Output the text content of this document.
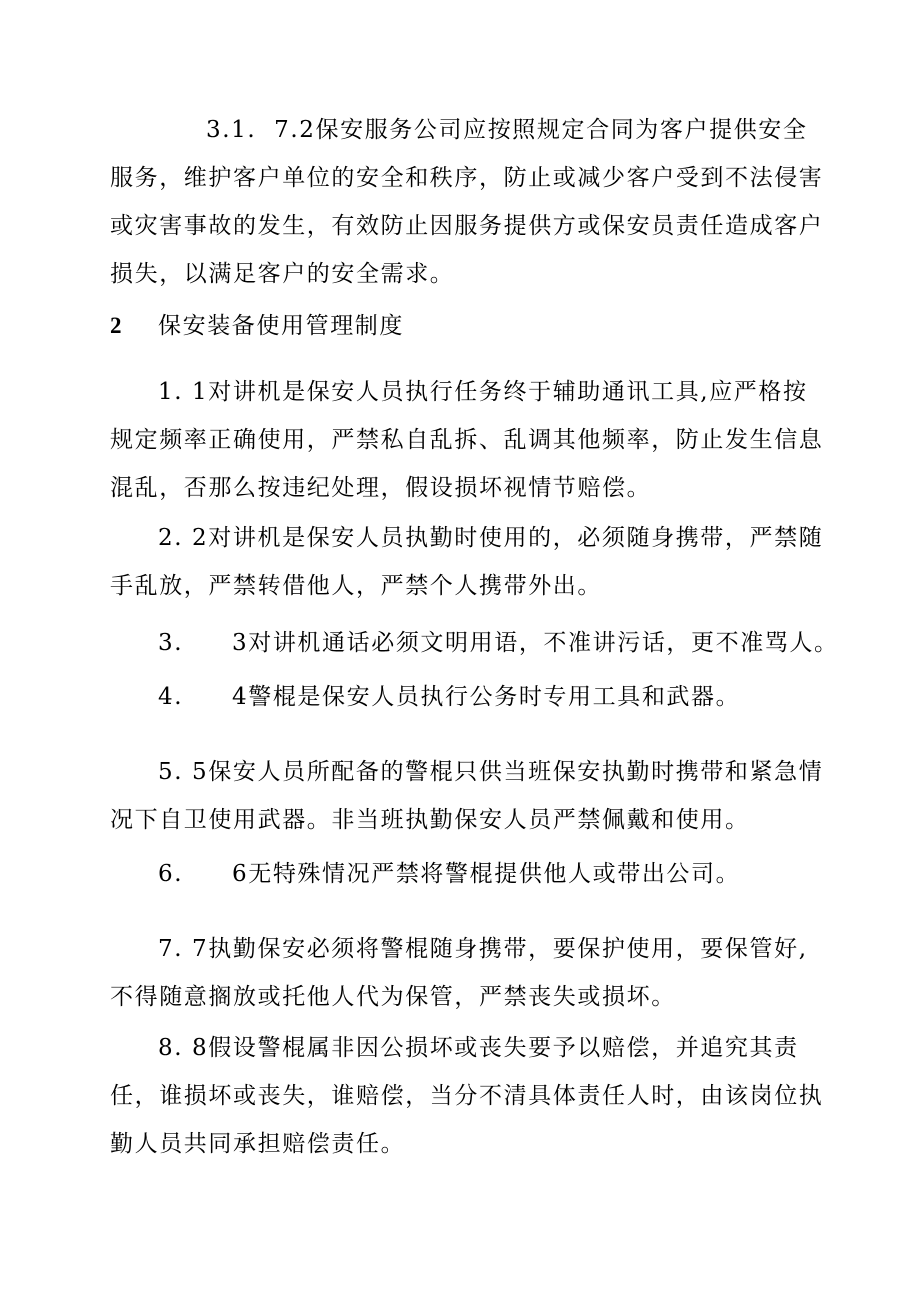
3.1.  7.2保安服务公司应按照规定合同为客户提供安全服务，维护客户单位的安全和秩序，防止或减少客户受到不法侵害或灾害事故的发生，有效防止因服务提供方或保安员责任造成客户损失，以满足客户的安全需求。

2 保安装备使用管理制度

1. 1对讲机是保安人员执行任务终于辅助通讯工具,应严格按规定频率正确使用，严禁私自乱拆、乱调其他频率，防止发生信息混乱，否那么按违纪处理，假设损坏视情节赔偿。

2. 2对讲机是保安人员执勤时使用的，必须随身携带，严禁随手乱放，严禁转借他人，严禁个人携带外出。

3. 3对讲机通话必须文明用语，不准讲污话，更不准骂人。
4. 4警棍是保安人员执行公务时专用工具和武器。

5. 5保安人员所配备的警棍只供当班保安执勤时携带和紧急情况下自卫使用武器。非当班执勤保安人员严禁佩戴和使用。

6. 6无特殊情况严禁将警棍提供他人或带出公司。

7. 7执勤保安必须将警棍随身携带，要保护使用，要保管好,不得随意搁放或托他人代为保管，严禁丧失或损坏。

8. 8假设警棍属非因公损坏或丧失要予以赔偿，并追究其责任，谁损坏或丧失，谁赔偿，当分不清具体责任人时，由该岗位执勤人员共同承担赔偿责任。
